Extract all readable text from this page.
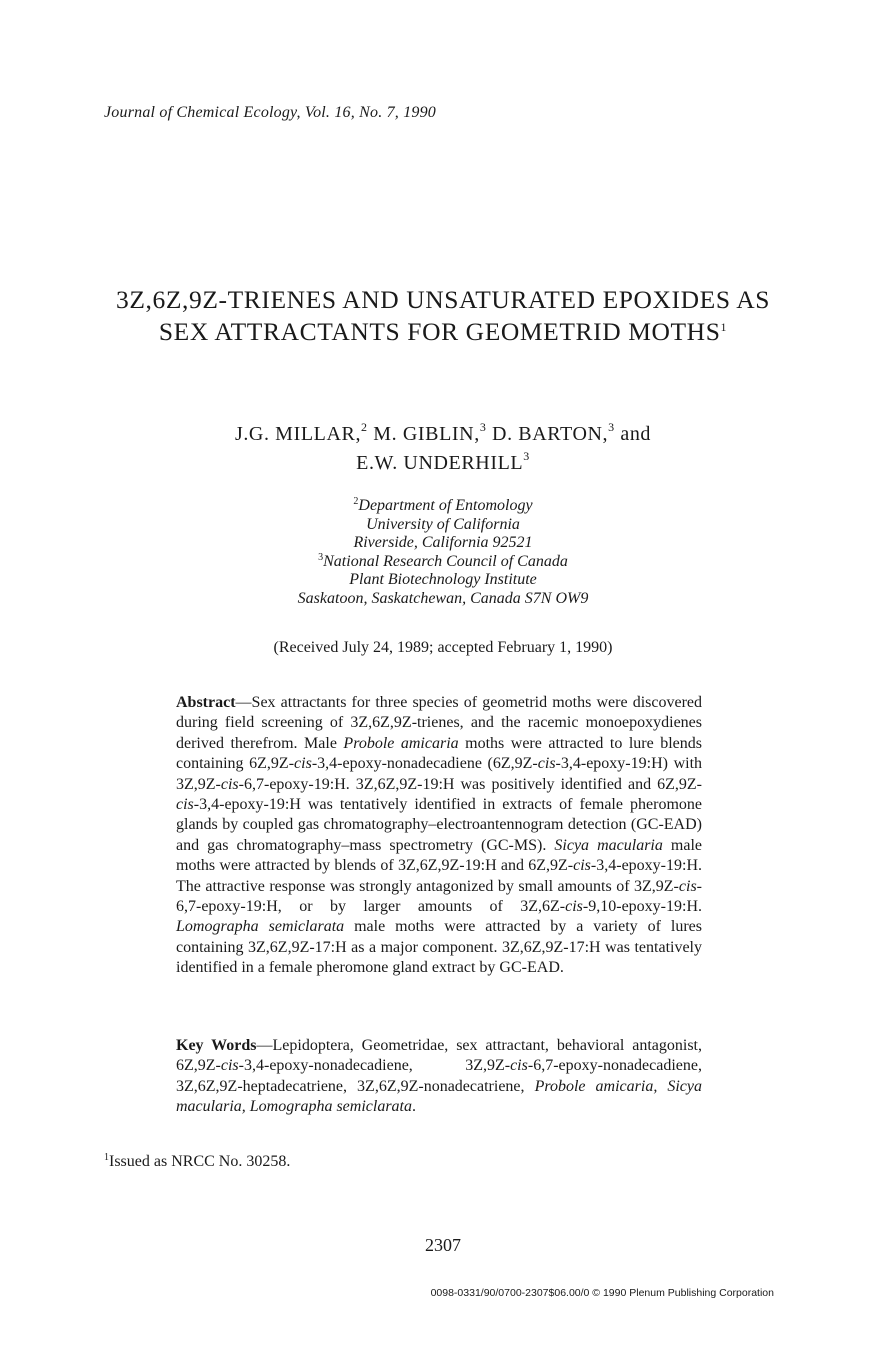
Journal of Chemical Ecology, Vol. 16, No. 7, 1990
3Z,6Z,9Z-TRIENES AND UNSATURATED EPOXIDES AS
SEX ATTRACTANTS FOR GEOMETRID MOTHS$^1$
J.G. MILLAR,$^2$ M. GIBLIN,$^3$ D. BARTON,$^3$ and
E.W. UNDERHILL$^3$
$^2$Department of Entomology
University of California
Riverside, California 92521
$^3$National Research Council of Canada
Plant Biotechnology Institute
Saskatoon, Saskatchewan, Canada S7N OW9
(Received July 24, 1989; accepted February 1, 1990)
Abstract—Sex attractants for three species of geometrid moths were discovered during field screening of 3Z,6Z,9Z-trienes, and the racemic monoepoxydienes derived therefrom. Male Probole amicaria moths were attracted to lure blends containing 6Z,9Z-cis-3,4-epoxy-nonadecadiene (6Z,9Z-cis-3,4-epoxy-19:H) with 3Z,9Z-cis-6,7-epoxy-19:H. 3Z,6Z,9Z-19:H was positively identified and 6Z,9Z-cis-3,4-epoxy-19:H was tentatively identified in extracts of female pheromone glands by coupled gas chromatography–electroantennogram detection (GC-EAD) and gas chromatography–mass spectrometry (GC-MS). Sicya macularia male moths were attracted by blends of 3Z,6Z,9Z-19:H and 6Z,9Z-cis-3,4-epoxy-19:H. The attractive response was strongly antagonized by small amounts of 3Z,9Z-cis-6,7-epoxy-19:H, or by larger amounts of 3Z,6Z-cis-9,10-epoxy-19:H. Lomographa semiclarata male moths were attracted by a variety of lures containing 3Z,6Z,9Z-17:H as a major component. 3Z,6Z,9Z-17:H was tentatively identified in a female pheromone gland extract by GC-EAD.
Key Words—Lepidoptera, Geometridae, sex attractant, behavioral antagonist, 6Z,9Z-cis-3,4-epoxy-nonadecadiene, 3Z,9Z-cis-6,7-epoxy-nonadecadiene, 3Z,6Z,9Z-heptadecatriene, 3Z,6Z,9Z-nonadecatriene, Probole amicaria, Sicya macularia, Lomographa semiclarata.
$^1$Issued as NRCC No. 30258.
2307
0098-0331/90/0700-2307$06.00/0 © 1990 Plenum Publishing Corporation
